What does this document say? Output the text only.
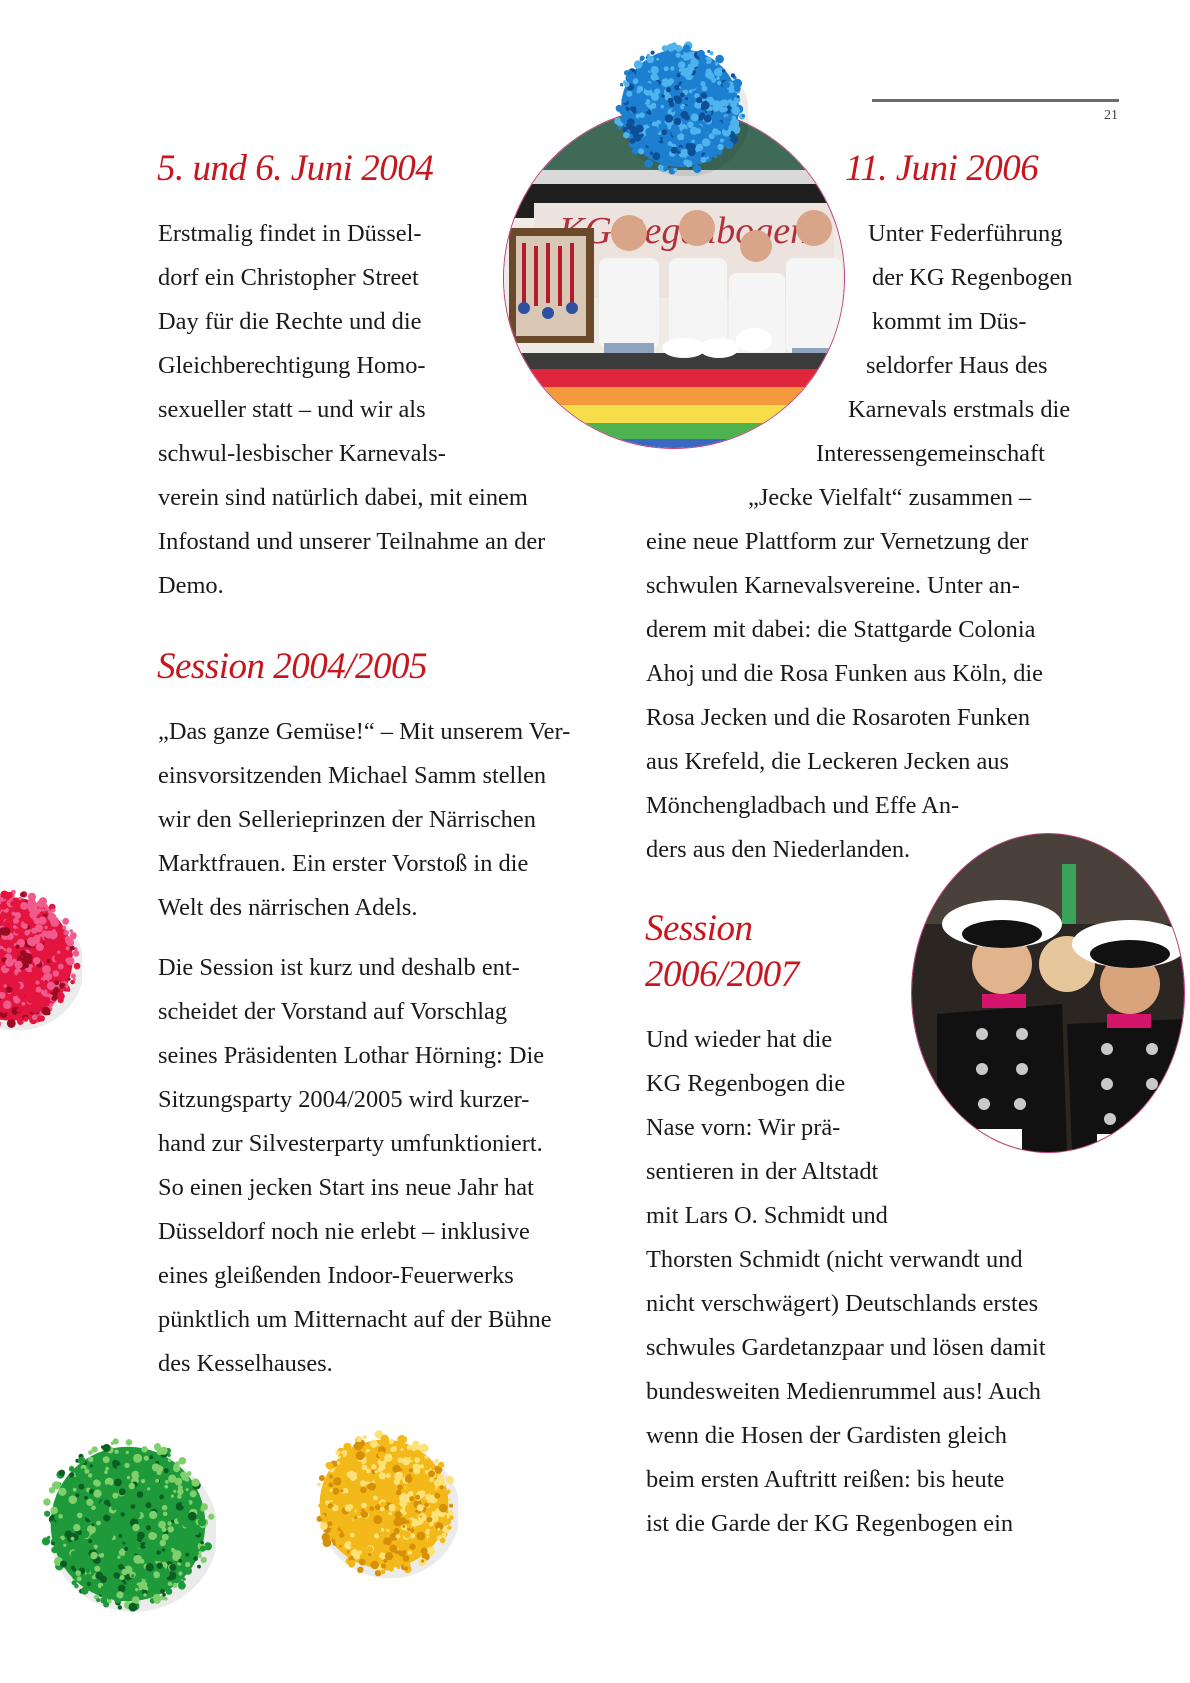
21
5. und 6. Juni 2004
Erstmalig findet in Düssel-
dorf ein Christopher Street
Day für die Rechte und die
Gleichberechtigung Homo-
sexueller statt – und wir als
schwul-lesbischer Karnevals-
verein sind natürlich dabei, mit einem
Infostand und unserer Teilnahme an der
Demo.
Session 2004/2005
„Das ganze Gemüse!“ – Mit unserem Ver-
einsvorsitzenden Michael Samm stellen
wir den Sellerieprinzen der Närrischen
Marktfrauen. Ein erster Vorstoß in die
Welt des närrischen Adels.
Die Session ist kurz und deshalb ent-
scheidet der Vorstand auf Vorschlag
seines Präsidenten Lothar Hörning: Die
Sitzungsparty 2004/2005 wird kurzer-
hand zur Silvesterparty umfunktioniert.
So einen jecken Start ins neue Jahr hat
Düsseldorf noch nie erlebt – inklusive
eines gleißenden Indoor-Feuerwerks
pünktlich um Mitternacht auf der Bühne
des Kesselhauses.
11. Juni 2006
Unter Federführung
der KG Regenbogen
kommt im Düs-
seldorfer Haus des
Karnevals erstmals die
Interessengemeinschaft
„Jecke Vielfalt“ zusammen –
eine neue Plattform zur Vernetzung der
schwulen Karnevalsvereine. Unter an-
derem mit dabei: die Stattgarde Colonia
Ahoj und die Rosa Funken aus Köln, die
Rosa Jecken und die Rosaroten Funken
aus Krefeld, die Leckeren Jecken aus
Mönchengladbach und Effe An-
ders aus den Niederlanden.
Session
2006/2007
Und wieder hat die
KG Regenbogen die
Nase vorn: Wir prä-
sentieren in der Altstadt
mit Lars O. Schmidt und
Thorsten Schmidt (nicht verwandt und
nicht verschwägert) Deutschlands erstes
schwules Gardetanzpaar und lösen damit
bundesweiten Medienrummel aus! Auch
wenn die Hosen der Gardisten gleich
beim ersten Auftritt reißen: bis heute
ist die Garde der KG Regenbogen ein
Regenbogen
